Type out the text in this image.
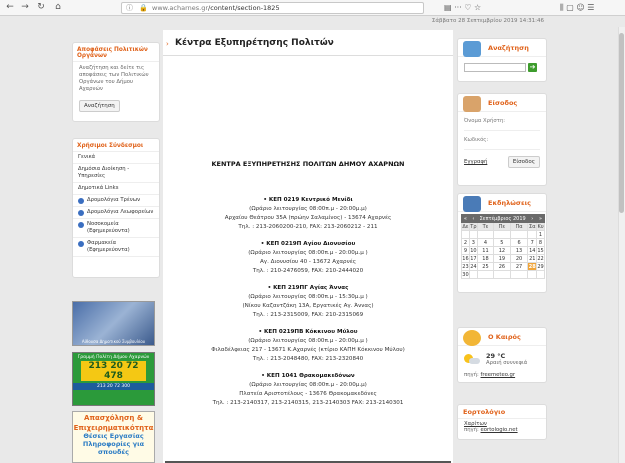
← → ↻ ⌂	ⓘ 🔒 www.acharnes.gr/content/section-1825	▤ ··· ♡ ☆	⫼ ▢ ☺ ☰
Σάββατο 28 Σεπτεμβρίου 2019 14:31:46
Αποφάσεις Πολιτικών Οργάνων
Αναζήτηση και δείτε τις αποφάσεις των Πολιτικών Οργάνων του Δήμου Αχαρνών
Αναζήτηση
Χρήσιμοι Σύνδεσμοι
Γενικά
Δημόσια Διοίκηση - Υπηρεσίες
Δημοτικά Links
Δρομολόγια Τρένων
Δρομολόγια Λεωφορείων
Νοσοκομεία (Εφημερεύοντα)
Φαρμακεία (Εφημερεύοντα)
Αίθουσα Δημοτικού Συμβουλίου
Γραμμή Πολίτη Δήμου Αχαρνών
213 20 72 478
213 20 72 300
Απασχόληση &
Επιχειρηματικότητα
Θέσεις Εργασίας
Πληροφορίες για σπουδές
› Κέντρα Εξυπηρέτησης Πολιτών
ΚΕΝΤΡΑ ΕΞΥΠΗΡΕΤΗΣΗΣ ΠΟΛΙΤΩΝ ΔΗΜΟΥ ΑΧΑΡΝΩΝ
• ΚΕΠ 0219 Κεντρικό Μενίδι
(Ωράριο λειτουργίας 08:00π.μ - 20:00μ.μ)
Αρχαίου Θεάτρου 35Α (πρώην Σαλαμίνος) - 13674 Αχαρνές
Τηλ. : 213-2060200-210, FAX: 213-2060212 - 211
• ΚΕΠ 0219Π Αγίου Διονυσίου
(Ωράριο λειτουργίας 08:00π.μ - 20:00μ.μ )
Αγ. Διονυσίου 40 - 13672 Αχαρνές
Τηλ. : 210-2476059, FAX: 210-2444020
• ΚΕΠ 219ΠΓ Αγίας Άννας
(Ωράριο λειτουργίας 08:00π.μ - 15:30μ.μ )
(Νίκου Καζαντζάκη 13Α, Εργατικές Αγ. Άννας)
Τηλ. : 213-2315009, FAX: 210-2315069
• ΚΕΠ 0219ΠΒ Κόκκινου Μύλου
(Ωράριο λειτουργίας 08:00π.μ - 20:00μ.μ )
Φιλαδέλφειας 217 - 13671 Κ.Αχαρνές (κτίριο ΚΑΠΗ Κόκκινου Μύλου)
Τηλ. : 213-2048480, FAX: 213-2320840
• ΚΕΠ 1041 Θρακομακεδόνων
(Ωράριο λειτουργίας 08:00π.μ - 20:00μ.μ)
Πλατεία Αριστοτέλους - 13676 Θρακομακεδόνες
Τηλ. : 213-2140317, 213-2140315, 213-2140303 FAX: 213-2140301
Αναζήτηση
➔
Είσοδος
Όνομα Χρήστη:
Κωδικός:
Εγγραφή	Είσοδος
Εκδηλώσεις
«	‹	Σεπτέμβριος 2019			›	»
Δε	Τρ	Τε	Πε	Πα	Σα	Κυ
						1
2	3	4	5	6	7	8
9	10	11	12	13	14	15
16	17	18	19	20	21	22
23	24	25	26	27	28	29
30						
Ο Καιρός
29 °C
Αραιή συννεφιά
πηγή: freemeteo.gr
Εορτολόγιο
Χαρίτων
πηγή: eortologio.net
